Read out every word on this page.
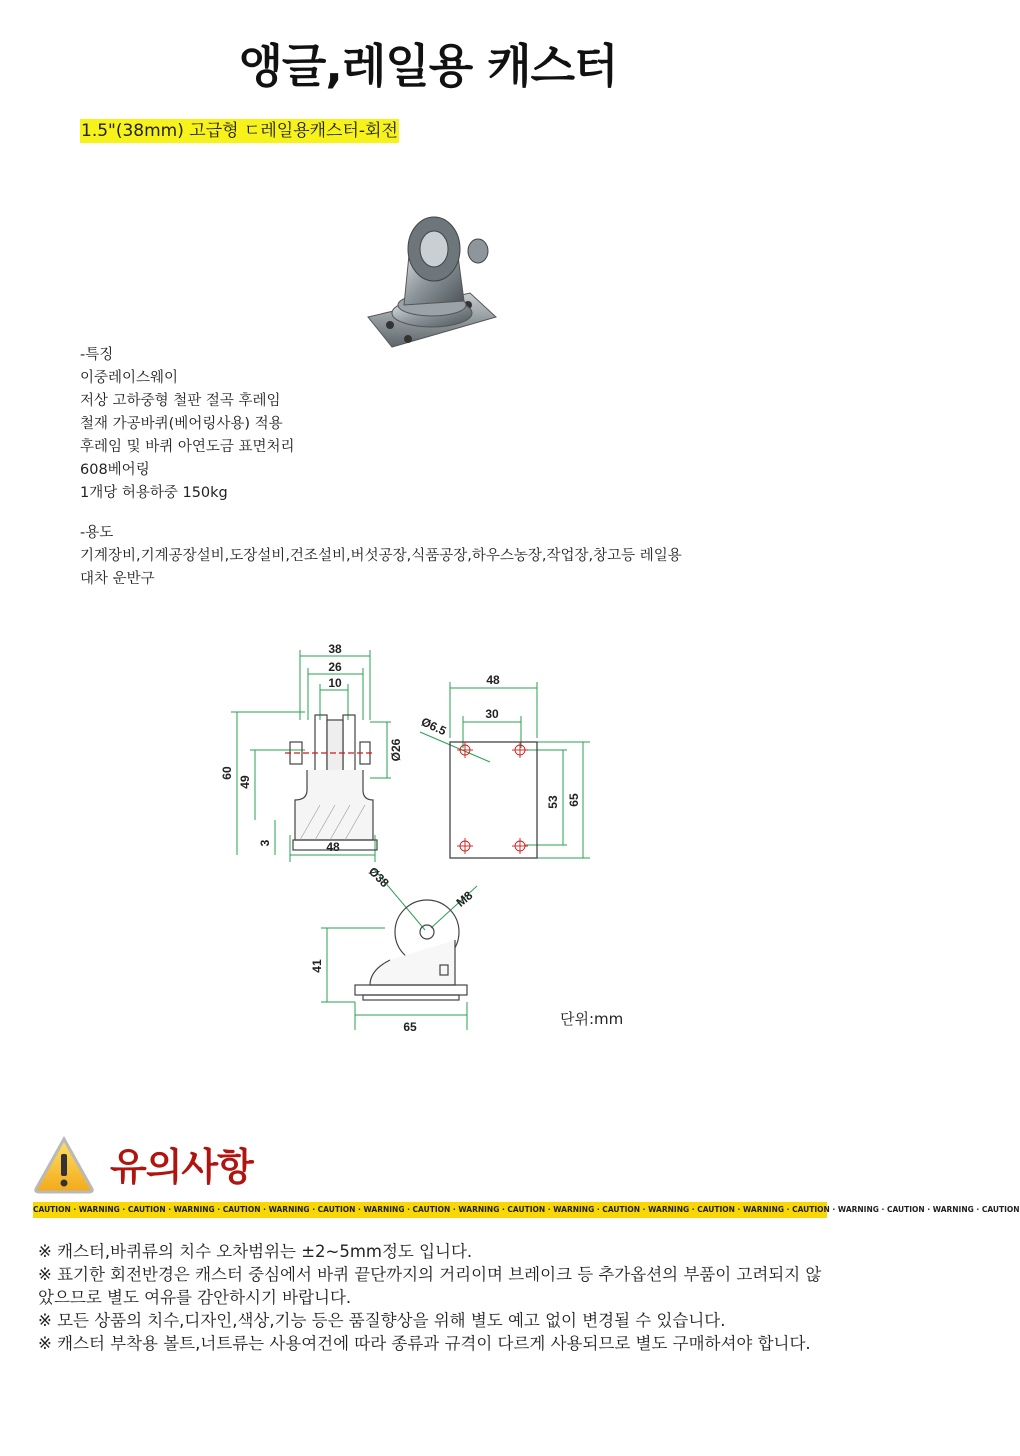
앵글,레일용 캐스터
1.5"(38mm) 고급형 ㄷ레일용캐스터-회전

-특징

이중레이스웨이

저상 고하중형 철판 절곡 후레임

철재 가공바퀴(베어링사용) 적용

후레임 및 바퀴 아연도금 표면처리

608베어링

1개당 허용하중 150kg

-용도

기계장비,기계공장설비,도장설비,건조설비,버섯공장,식품공장,하우스농장,작업장,창고등 레일용 대차 운반구

38
26
10
60
49
3	48
Ø26
48
30
Ø6.5
53 65
Ø38
M8
41
65	단위:mm
유의사항
CAUTION · WARNING · CAUTION · WARNING · CAUTION · WARNING · CAUTION · WARNING · CAUTION · WARNING · CAUTION · WARNING · CAUTION · WARNING · CAUTION · WARNING · CAUTION · WARNING · CAUTION · WARNING · CAUTION

※ 캐스터,바퀴류의 치수 오차범위는 ±2~5mm정도 입니다.

※ 표기한 회전반경은 캐스터 중심에서 바퀴 끝단까지의 거리이며 브레이크 등 추가옵션의 부품이 고려되지 않았으므로 별도 여유를 감안하시기 바랍니다.

※ 모든 상품의 치수,디자인,색상,기능 등은 품질향상을 위해 별도 예고 없이 변경될 수 있습니다.

※ 캐스터 부착용 볼트,너트류는 사용여건에 따라 종류과 규격이 다르게 사용되므로 별도 구매하셔야 합니다.
